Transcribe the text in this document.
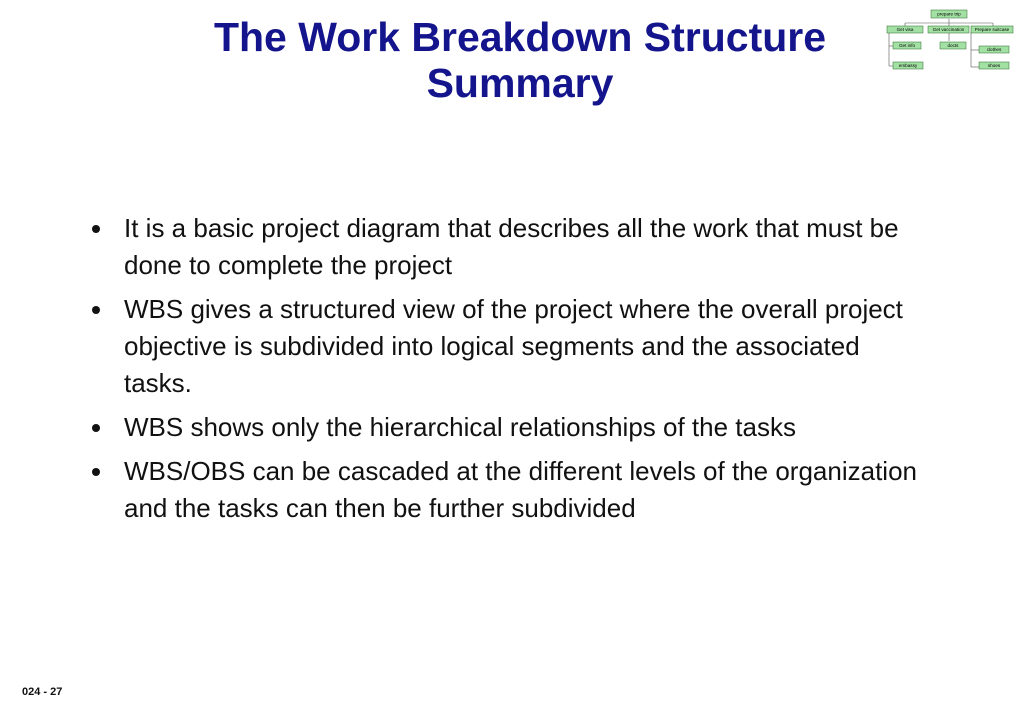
The Work Breakdown Structure
Summary
prepare trip
Get visa	Get vaccination Prepare suitcase
Get info
embassy
docts
clothes
shoes
It is a basic project diagram that describes all the work that must be done to complete the project
WBS gives a structured view of the project where the overall project objective is subdivided into logical segments and the associated tasks.
WBS shows only the hierarchical relationships of the tasks
WBS/OBS can be cascaded at the different levels of the organization and the tasks can then be further subdivided
024 - 27
